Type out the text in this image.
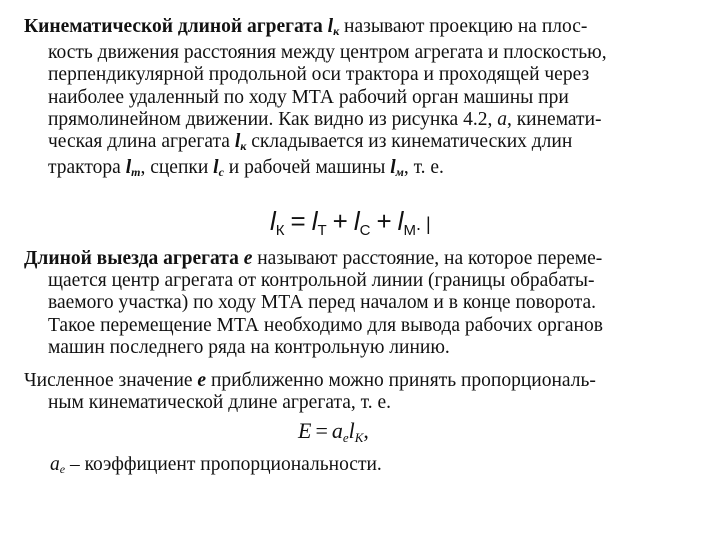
Кинематической длиной агрегата $l_к$ называют проекцию на плос-
кость движения расстояния между центром агрегата и плоскостью,
перпендикулярной продольной оси трактора и проходящей через
наиболее удаленный по ходу МТА рабочий орган машины при
прямолинейном движении. Как видно из рисунка 4.2, а, кинемати-
ческая длина агрегата $l_к$ складывается из кинематических длин
трактора $l_т$, сцепки $l_с$ и рабочей машины $l_м$, т. е.
$l_К = l_Т + l_С + l_М$. |
Длиной выезда агрегата е называют расстояние, на которое переме-
щается центр агрегата от контрольной линии (границы обрабаты-
ваемого участка) по ходу МТА перед началом и в конце поворота.
Такое перемещение МТА необходимо для вывода рабочих органов
машин последнего ряда на контрольную линию.
Численное значение е приближенно можно принять пропорциональ-
ным кинематической длине агрегата, т. е.
$E = a_el_К$,
$а_е$ – коэффициент пропорциональности.
